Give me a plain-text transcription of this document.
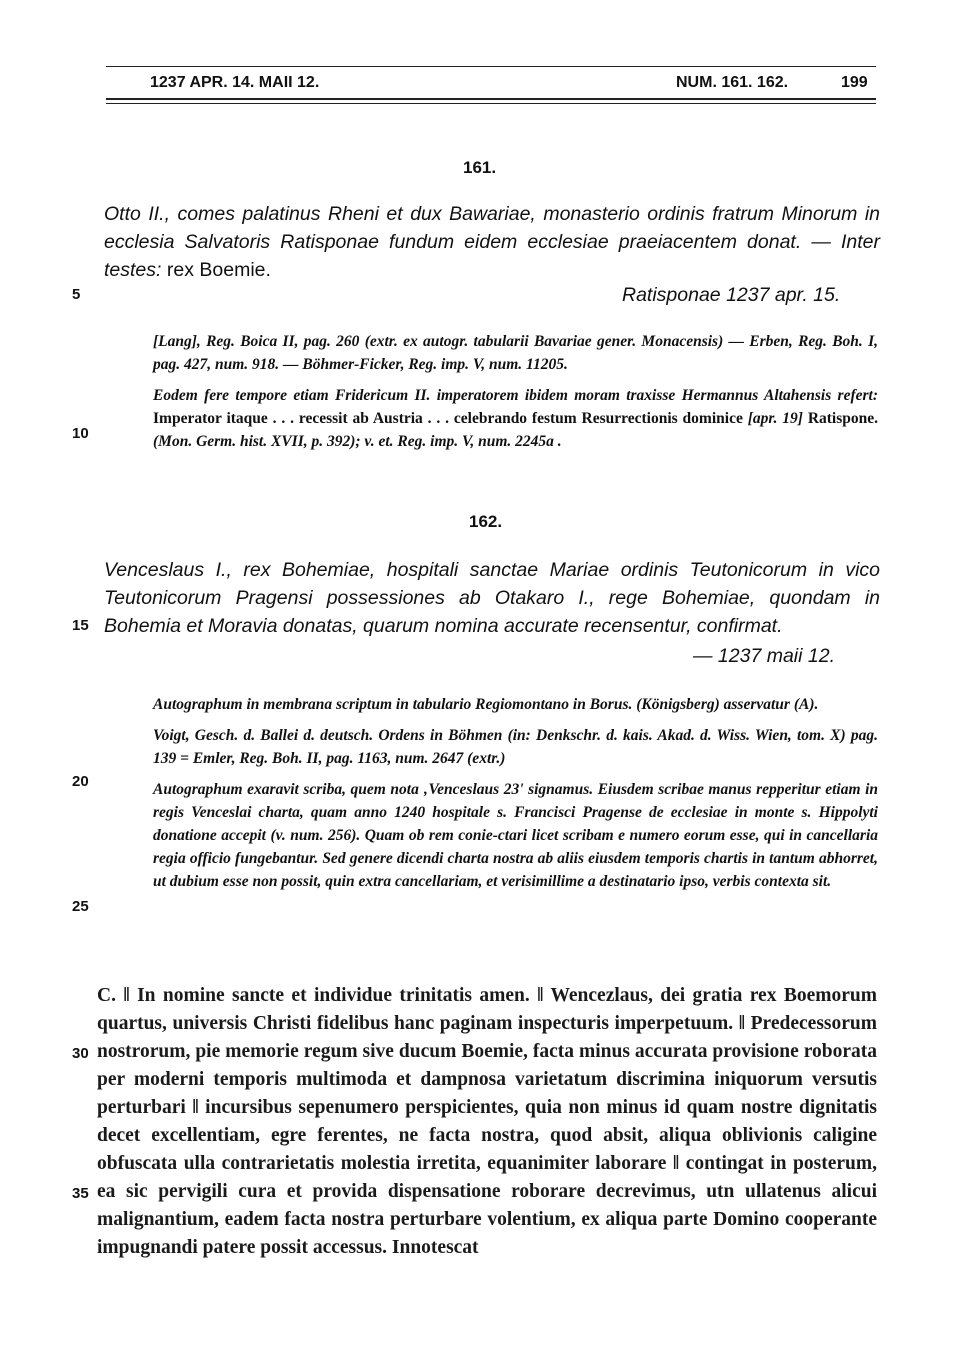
1237 APR. 14. MAII 12.	NUM. 161. 162.	199
161.
Otto II., comes palatinus Rheni et dux Bawariae, monasterio ordinis fratrum Minorum in ecclesia Salvatoris Ratisponae fundum eidem ecclesiae praeiacentem donat. — Inter testes: rex Boemie.
Ratisponae 1237 apr. 15.

[Lang], Reg. Boica II, pag. 260 (extr. ex autogr. tabularii Bavariae gener. Monacensis) — Erben, Reg. Boh. I, pag. 427, num. 918. — Böhmer-Ficker, Reg. imp. V, num. 11205.

Eodem fere tempore etiam Fridericum II. imperatorem ibidem moram traxisse Hermannus Altahensis refert: Imperator itaque . . . recessit ab Austria . . . celebrando festum Resurrectionis dominice [apr. 19] Ratispone. (Mon. Germ. hist. XVII, p. 392); v. et. Reg. imp. V, num. 2245a .

162.
Venceslaus I., rex Bohemiae, hospitali sanctae Mariae ordinis Teutonicorum in vico Teutonicorum Pragensi possessiones ab Otakaro I., rege Bohemiae, quondam in Bohemia et Moravia donatas, quarum nomina accurate recensentur, confirmat.
— 1237 maii 12.

Autographum in membrana scriptum in tabulario Regiomontano in Borus. (Königsberg) asservatur (A).

Voigt, Gesch. d. Ballei d. deutsch. Ordens in Böhmen (in: Denkschr. d. kais. Akad. d. Wiss. Wien, tom. X) pag. 139 = Emler, Reg. Boh. II, pag. 1163, num. 2647 (extr.)

Autographum exaravit scriba, quem nota ‚Venceslaus 23' signamus. Eiusdem scribae manus repperitur etiam in regis Venceslai charta, quam anno 1240 hospitale s. Francisci Pragense de ecclesiae in monte s. Hippolyti donatione accepit (v. num. 256). Quam ob rem conie-ctari licet scribam e numero eorum esse, qui in cancellaria regia officio fungebantur. Sed genere dicendi charta nostra ab aliis eiusdem temporis chartis in tantum abhorret, ut dubium esse non possit, quin extra cancellariam, et verisimillime a destinatario ipso, verbis contexta sit.

C. ‖ In nomine sancte et individue trinitatis amen. ‖ Wencezlaus, dei gratia rex Boemorum quartus, universis Christi fidelibus hanc paginam inspecturis imperpetuum. ‖ Predecessorum nostrorum, pie memorie regum sive ducum Boemie, facta minus accurata provisione roborata per moderni temporis multimoda et dampnosa varietatum discrimina iniquorum versutis perturbari ‖ incursibus sepenumero perspicientes, quia non minus id quam nostre dignitatis decet excellentiam, egre ferentes, ne facta nostra, quod absit, aliqua oblivionis caligine obfuscata ulla contrarietatis molestia irretita, equanimiter laborare ‖ contingat in posterum, ea sic pervigili cura et provida dispensatione roborare decrevimus, utn ullatenus alicui malignantium, eadem facta nostra perturbare volentium, ex aliqua parte Domino cooperante impugnandi patere possit accessus. Innotescat
5
10
15
20
25
30
35
